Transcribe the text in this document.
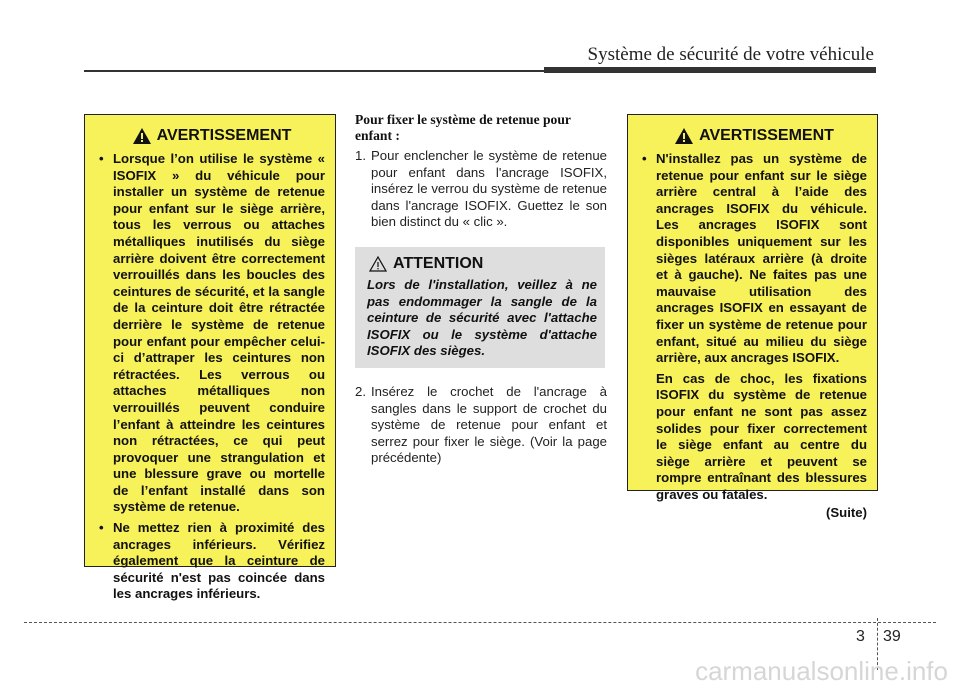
Système de sécurité de votre véhicule
AVERTISSEMENT
• Lorsque l’on utilise le système « ISOFIX » du véhicule pour installer un système de retenue pour enfant sur le siège arrière, tous les verrous ou attaches métalliques inutilisés du siège arrière doivent être correctement verrouillés dans les boucles des ceintures de sécurité, et la sangle de la ceinture doit être rétractée derrière le système de retenue pour enfant pour empêcher celui-ci d’attraper les ceintures non rétractées. Les verrous ou attaches métalliques non verrouillés peuvent conduire l’enfant à atteindre les ceintures non rétractées, ce qui peut provoquer une strangulation et une blessure grave ou mortelle de l’enfant installé dans son système de retenue.
• Ne mettez rien à proximité des ancrages inférieurs. Vérifiez également que la ceinture de sécurité n'est pas coincée dans les ancrages inférieurs.
Pour fixer le système de retenue pour enfant :
1. Pour enclencher le système de retenue pour enfant dans l'ancrage ISOFIX, insérez le verrou du système de retenue dans l'ancrage ISOFIX. Guettez le son bien distinct du « clic ».
ATTENTION
Lors de l'installation, veillez à ne pas endommager la sangle de la ceinture de sécurité avec l'attache ISOFIX ou le système d'attache ISOFIX des sièges.
2. Insérez le crochet de l'ancrage à sangles dans le support de crochet du système de retenue pour enfant et serrez pour fixer le siège. (Voir la page précédente)
AVERTISSEMENT
• N'installez pas un système de retenue pour enfant sur le siège arrière central à l’aide des ancrages ISOFIX du véhicule. Les ancrages ISOFIX sont disponibles uniquement sur les sièges latéraux arrière (à droite et à gauche). Ne faites pas une mauvaise utilisation des ancrages ISOFIX en essayant de fixer un système de retenue pour enfant, situé au milieu du siège arrière, aux ancrages ISOFIX.
En cas de choc, les fixations ISOFIX du système de retenue pour enfant ne sont pas assez solides pour fixer correctement le siège enfant au centre du siège arrière et peuvent se rompre entraînant des blessures graves ou fatales.
(Suite)
3 39
carmanualsonline.info
